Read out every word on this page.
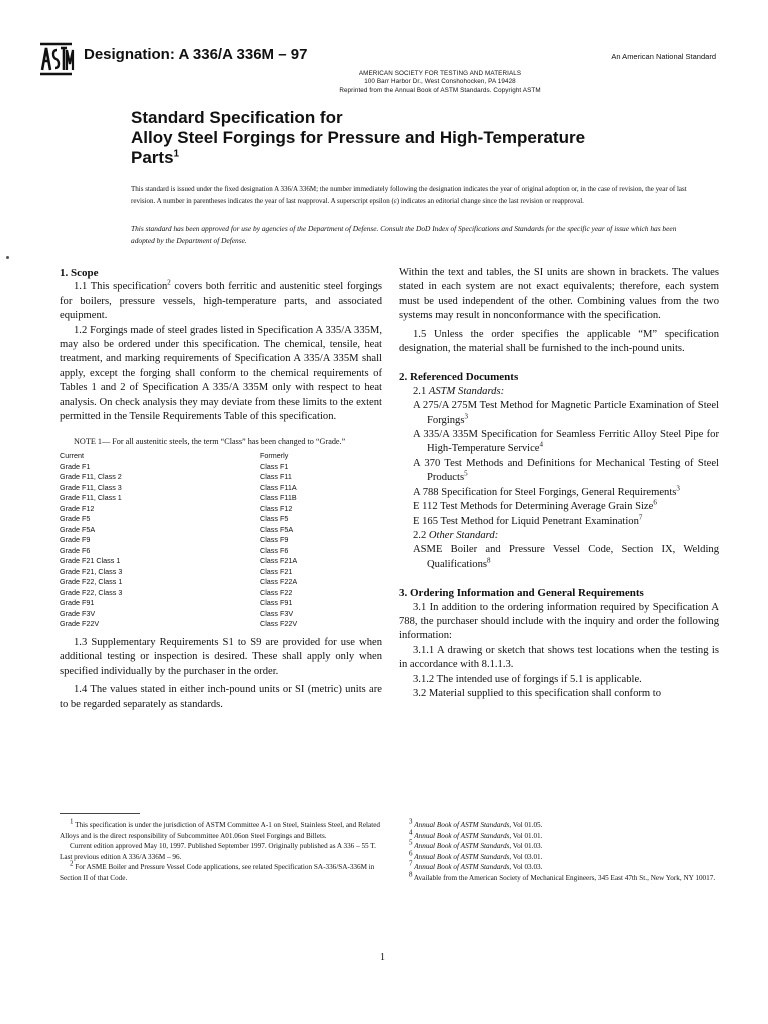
Designation: A 336/A 336M – 97	An American National Standard
AMERICAN SOCIETY FOR TESTING AND MATERIALS
100 Barr Harbor Dr., West Conshohocken, PA 19428
Reprinted from the Annual Book of ASTM Standards. Copyright ASTM
Standard Specification for
Alloy Steel Forgings for Pressure and High-Temperature
Parts$^1$
This standard is issued under the fixed designation A 336/A 336M; the number immediately following the designation indicates the year of original adoption or, in the case of revision, the year of last revision. A number in parentheses indicates the year of last reapproval. A superscript epsilon (ε) indicates an editorial change since the last revision or reapproval.
This standard has been approved for use by agencies of the Department of Defense. Consult the DoD Index of Specifications and Standards for the specific year of issue which has been adopted by the Department of Defense.

1. Scope

1.1 This specification$^2$ covers both ferritic and austenitic steel forgings for boilers, pressure vessels, high-temperature parts, and associated equipment.

1.2 Forgings made of steel grades listed in Specification A 335/A 335M, may also be ordered under this specification. The chemical, tensile, heat treatment, and marking requirements of Specification A 335/A 335M shall apply, except the forging shall conform to the chemical requirements of Tables 1 and 2 of Specification A 335/A 335M only with respect to heat analysis. On check analysis they may deviate from these limits to the extent permitted in the Tensile Requirements Table of this specification.

NOTE 1— For all austenitic steels, the term “Class” has been changed to “Grade.”

Current	Formerly
Grade F1	Class F1
Grade F11, Class 2	Class F11
Grade F11, Class 3	Class F11A
Grade F11, Class 1	Class F11B
Grade F12	Class F12
Grade F5	Class F5
Grade F5A	Class F5A
Grade F9	Class F9
Grade F6	Class F6
Grade F21 Class 1	Class F21A
Grade F21, Class 3	Class F21
Grade F22, Class 1	Class F22A
Grade F22, Class 3	Class F22
Grade F91	Class F91
Grade F3V	Class F3V
Grade F22V	Class F22V

1.3 Supplementary Requirements S1 to S9 are provided for use when additional testing or inspection is desired. These shall apply only when specified individually by the purchaser in the order.

1.4 The values stated in either inch-pound units or SI (metric) units are to be regarded separately as standards.

Within the text and tables, the SI units are shown in brackets. The values stated in each system are not exact equivalents; therefore, each system must be used independent of the other. Combining values from the two systems may result in nonconformance with the specification.

1.5 Unless the order specifies the applicable “M” specification designation, the material shall be furnished to the inch-pound units.

2. Referenced Documents

2.1 ASTM Standards:

A 275/A 275M Test Method for Magnetic Particle Examination of Steel Forgings$^3$

A 335/A 335M Specification for Seamless Ferritic Alloy Steel Pipe for High-Temperature Service$^4$

A 370 Test Methods and Definitions for Mechanical Testing of Steel Products$^5$

A 788 Specification for Steel Forgings, General Requirements$^3$

E 112 Test Methods for Determining Average Grain Size$^6$

E 165 Test Method for Liquid Penetrant Examination$^7$

2.2 Other Standard:

ASME Boiler and Pressure Vessel Code, Section IX, Welding Qualifications$^8$

3. Ordering Information and General Requirements

3.1 In addition to the ordering information required by Specification A 788, the purchaser should include with the inquiry and order the following information:

3.1.1 A drawing or sketch that shows test locations when the testing is in accordance with 8.1.1.3.

3.1.2 The intended use of forgings if 5.1 is applicable.

3.2 Material supplied to this specification shall conform to

1 This specification is under the jurisdiction of ASTM Committee A-1 on Steel, Stainless Steel, and Related Alloys and is the direct responsibility of Subcommittee A01.06on Steel Forgings and Billets.

Current edition approved May 10, 1997. Published September 1997. Originally published as A 336 – 55 T. Last previous edition A 336/A 336M – 96.

2 For ASME Boiler and Pressure Vessel Code applications, see related Specification SA-336/SA-336M in Section II of that Code.

3 Annual Book of ASTM Standards, Vol 01.05.

4 Annual Book of ASTM Standards, Vol 01.01.

5 Annual Book of ASTM Standards, Vol 01.03.

6 Annual Book of ASTM Standards, Vol 03.01.

7 Annual Book of ASTM Standards, Vol 03.03.

8 Available from the American Society of Mechanical Engineers, 345 East 47th St., New York, NY 10017.

1
